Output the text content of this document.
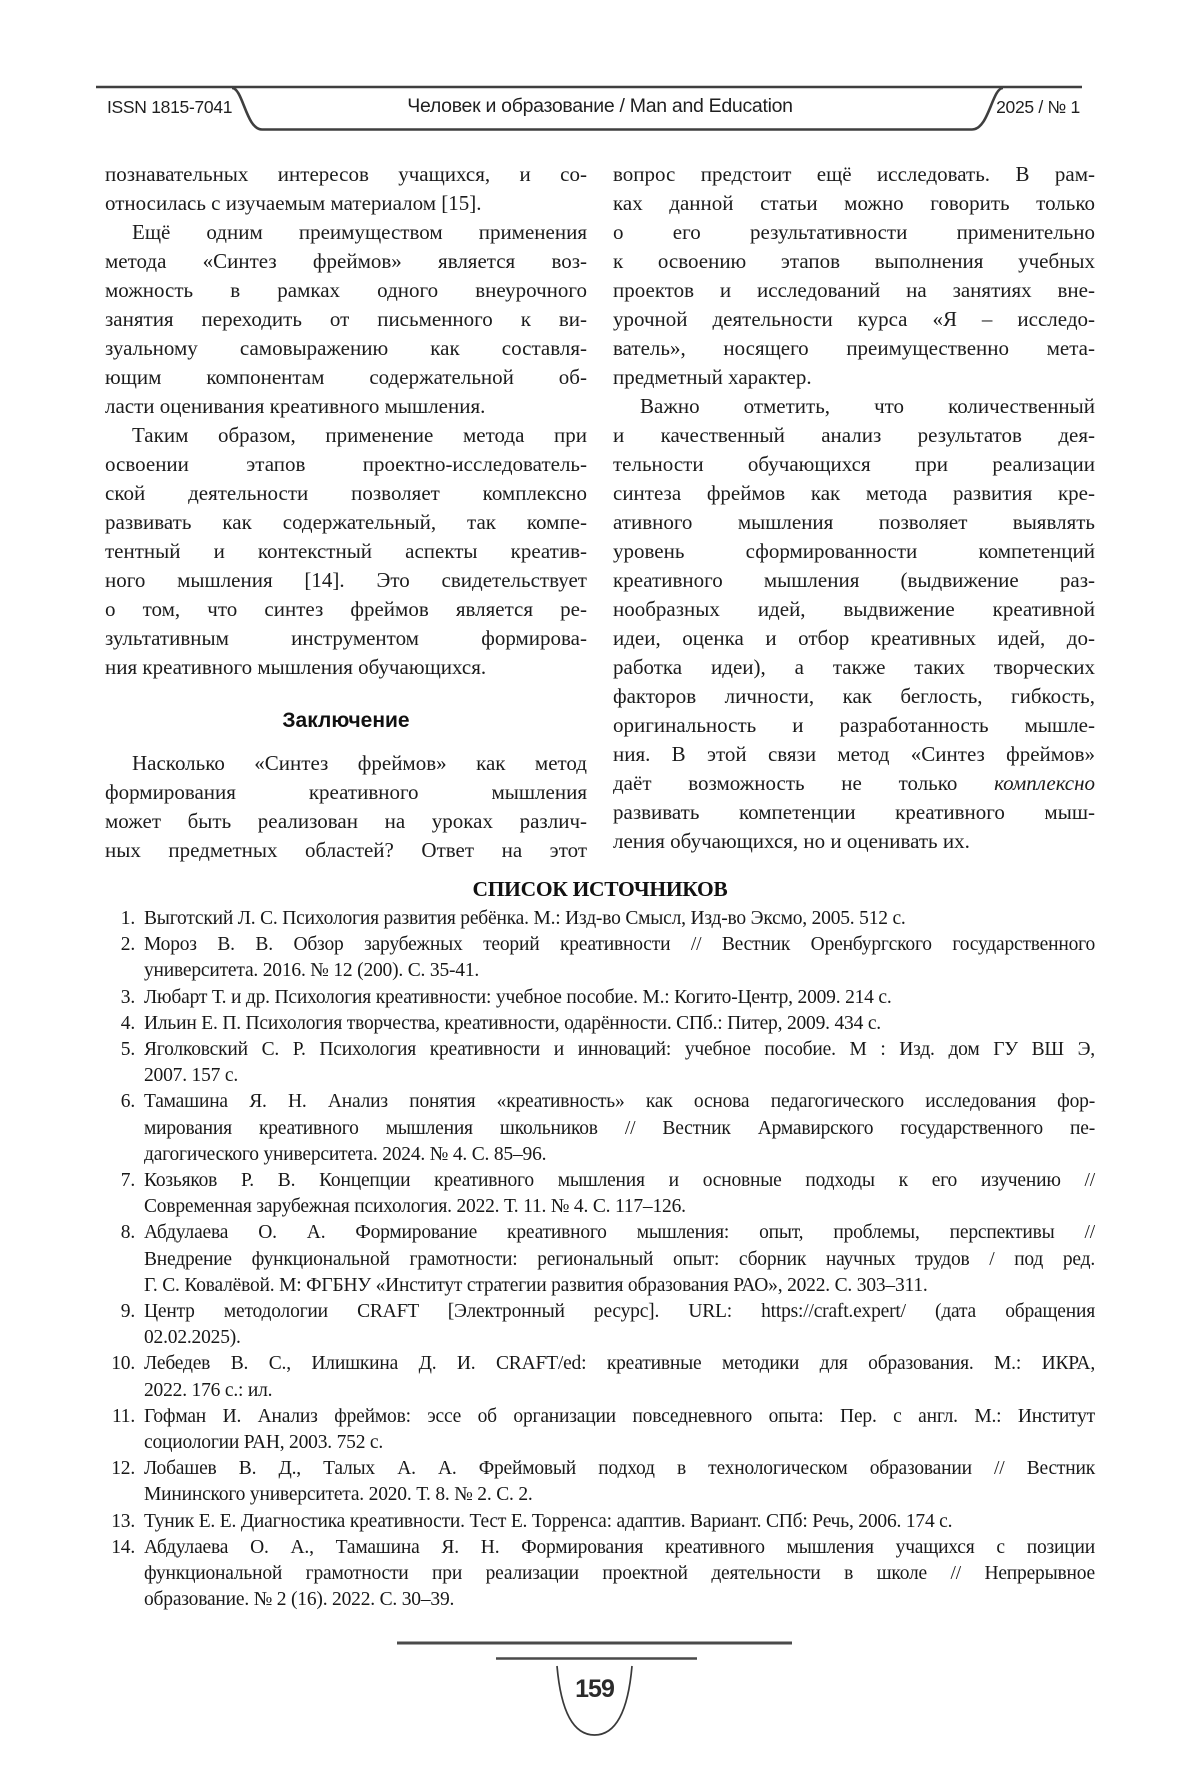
ISSN 1815-7041	Человек и образование / Man and Education	2025 / № 1
познавательных интересов учащихся, и со-
относилась с изучаемым материалом [15].
Ещё одним преимуществом применения
метода «Синтез фреймов» является воз-
можность в рамках одного внеурочного
занятия переходить от письменного к ви-
зуальному самовыражению как составля-
ющим компонентам содержательной об-
ласти оценивания креативного мышления.
Таким образом, применение метода при
освоении этапов проектно-исследователь-
ской деятельности позволяет комплексно
развивать как содержательный, так компе-
тентный и контекстный аспекты креатив-
ного мышления [14]. Это свидетельствует
о том, что синтез фреймов является ре-
зультативным инструментом формирова-
ния креативного мышления обучающихся.
Заключение
Насколько «Синтез фреймов» как метод
формирования креативного мышления
может быть реализован на уроках различ-
ных предметных областей? Ответ на этот
вопрос предстоит ещё исследовать. В рам-
ках данной статьи можно говорить только
о его результативности применительно
к освоению этапов выполнения учебных
проектов и исследований на занятиях вне-
урочной деятельности курса «Я – исследо-
ватель», носящего преимущественно мета-
предметный характер.
Важно отметить, что количественный
и качественный анализ результатов дея-
тельности обучающихся при реализации
синтеза фреймов как метода развития кре-
ативного мышления позволяет выявлять
уровень сформированности компетенций
креативного мышления (выдвижение раз-
нообразных идей, выдвижение креативной
идеи, оценка и отбор креативных идей, до-
работка идеи), а также таких творческих
факторов личности, как беглость, гибкость,
оригинальность и разработанность мышле-
ния. В этой связи метод «Синтез фреймов»
даёт возможность не только комплексно
развивать компетенции креативного мыш-
ления обучающихся, но и оценивать их.
СПИСОК ИСТОЧНИКОВ
1. Выготский Л. С. Психология развития ребёнка. М.: Изд-во Смысл, Изд-во Эксмо, 2005. 512 с.
2. Мороз В. В. Обзор зарубежных теорий креативности // Вестник Оренбургского государственного
университета. 2016. № 12 (200). С. 35-41.
3. Любарт Т. и др. Психология креативности: учебное пособие. М.: Когито-Центр, 2009. 214 с.
4. Ильин Е. П. Психология творчества, креативности, одарённости. СПб.: Питер, 2009. 434 с.
5. Яголковский С. Р. Психология креативности и инноваций: учебное пособие. М : Изд. дом ГУ ВШ Э,
2007. 157 с.
6. Тамашина Я. Н. Анализ понятия «креативность» как основа педагогического исследования фор-
мирования креативного мышления школьников // Вестник Армавирского государственного пе-
дагогического университета. 2024. № 4. С. 85–96.
7. Козьяков Р. В. Концепции креативного мышления и основные подходы к его изучению //
Современная зарубежная психология. 2022. Т. 11. № 4. С. 117–126.
8. Абдулаева О. А. Формирование креативного мышления: опыт, проблемы, перспективы //
Внедрение функциональной грамотности: региональный опыт: сборник научных трудов / под ред.
Г. С. Ковалёвой. М: ФГБНУ «Институт стратегии развития образования РАО», 2022. С. 303–311.
9. Центр методологии CRAFT [Электронный ресурс]. URL: https://craft.expert/ (дата обращения
02.02.2025).
10. Лебедев В. С., Илишкина Д. И. CRAFT/ed: креативные методики для образования. М.: ИКРА,
2022. 176 с.: ил.
11. Гофман И. Анализ фреймов: эссе об организации повседневного опыта: Пер. с англ. М.: Институт
социологии РАН, 2003. 752 с.
12. Лобашев В. Д., Талых А. А. Фреймовый подход в технологическом образовании // Вестник
Мининского университета. 2020. Т. 8. № 2. С. 2.
13. Туник Е. Е. Диагностика креативности. Тест Е. Торренса: адаптив. Вариант. СПб: Речь, 2006. 174 с.
14. Абдулаева О. А., Тамашина Я. Н. Формирования креативного мышления учащихся с позиции
функциональной грамотности при реализации проектной деятельности в школе // Непрерывное
образование. № 2 (16). 2022. С. 30–39.
159
